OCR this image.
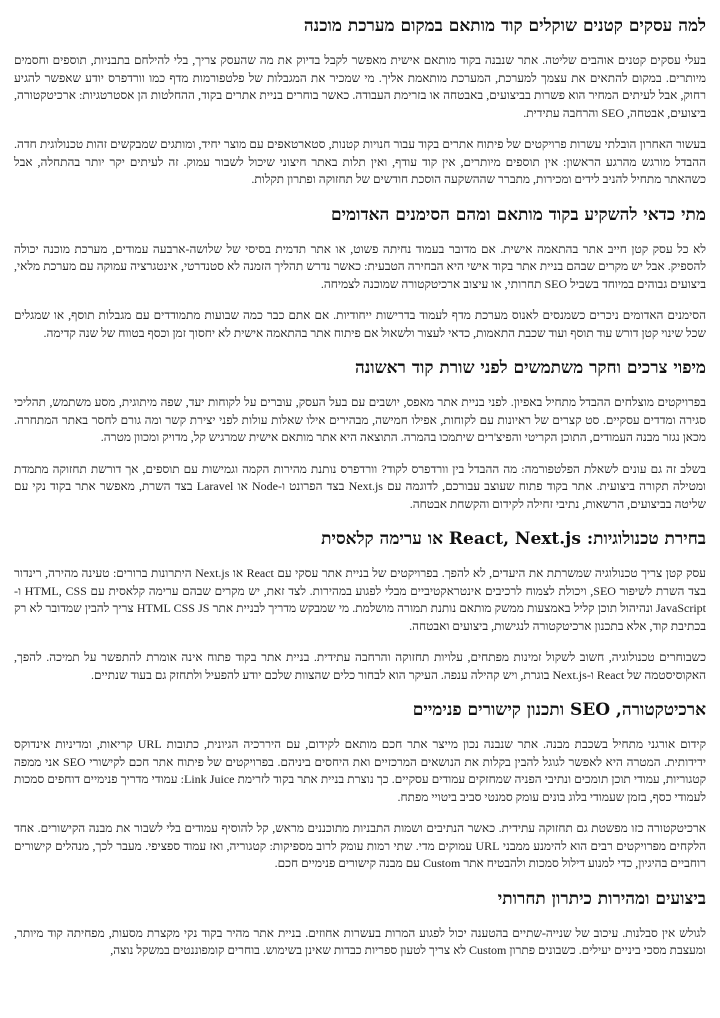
למה עסקים קטנים שוקלים קוד מותאם במקום מערכת מוכנה

בעלי עסקים קטנים אוהבים שליטה. אתר שנבנה בקוד מותאם אישית מאפשר לקבל בדיוק את מה שהעסק צריך, בלי להילחם בתבניות, תוספים וחסמים מיותרים. במקום להתאים את עצמך למערכת, המערכת מותאמת אליך. מי שמכיר את המגבלות של פלטפורמות מדף כמו וורדפרס יודע שאפשר להגיע רחוק, אבל לעיתים המחיר הוא פשרות בביצועים, באבטחה או בזרימת העבודה. כאשר בוחרים בניית אתרים בקוד, ההחלטות הן אסטרטגיות: ארכיטקטורה, ביצועים, אבטחה, SEO והרחבה עתידית.

בעשור האחרון הובלתי עשרות פרויקטים של פיתוח אתרים בקוד עבור חנויות קטנות, סטארטאפים עם מוצר יחיד, ומותגים שמבקשים זהות טכנולוגית חדה. ההבדל מורגש מהרגע הראשון: אין תוספים מיותרים, אין קוד עודף, ואין תלות באתר חיצוני שיכול לשבור עמוק. זה לעיתים יקר יותר בהתחלה, אבל כשהאתר מתחיל להניב לידים ומכירות, מתברר שההשקעה הוסכת חודשים של תחזוקה ופתרון תקלות.

מתי כדאי להשקיע בקוד מותאם ומהם הסימנים האדומים

לא כל עסק קטן חייב אתר בהתאמה אישית. אם מדובר בעמוד נחיתה פשוט, או אתר תדמית בסיסי של שלושה-ארבעה עמודים, מערכת מוכנה יכולה להספיק. אבל יש מקרים שבהם בניית אתר בקוד אישי היא הבחירה הטבעית: כאשר נדרש תהליך הזמנה לא סטנדרטי, אינטגרציה עמוקה עם מערכת מלאי, ביצועים גבוהים במיוחד בשביל SEO תחרותי, או עיצוב ארכיטקטורה שמוכנה לצמיחה.

הסימנים האדומים ניכרים כשמנסים לאנוס מערכת מדף לעמוד בדרישות ייחודיות. אם אתם כבר כמה שבועות מתמודדים עם מגבלות תוסף, או שמגלים שכל שינוי קטן דורש עוד תוסף ועוד שכבת התאמות, כדאי לעצור ולשאול אם פיתוח אתר בהתאמה אישית לא יחסוך זמן וכסף בטווח של שנה קדימה.

מיפוי צרכים וחקר משתמשים לפני שורת קוד ראשונה

בפרויקטים מוצלחים ההבדל מתחיל באפיון. לפני בניית אתר מאפס, יושבים עם בעל העסק, עוברים על לקוחות יעד, שפה מיתוגית, מסע משתמש, תהליכי סגירה ומדדים עסקיים. סט קצרים של ראיונות עם לקוחות, אפילו חמישה, מבהירים אילו שאלות עולות לפני יצירת קשר ומה גורם לחסר באתר המתחרה. מכאן נגזר מבנה העמודים, התוכן הקריטי והפיצ'רים שיתמכו בהמרה. התוצאה היא אתר מותאם אישית שמרגיש קל, מדויק ומכוון מטרה.

בשלב זה גם עונים לשאלת הפלטפורמה: מה ההבדל בין וורדפרס לקוד? וורדפרס נותנת מהירות הקמה וגמישות עם תוספים, אך דורשת תחזוקה מתמדת ומטילה תקורה ביצועית. אתר בקוד פתוח שעוצב עבורכם, לדוגמה עם Next.js בצד הפרונט ו-Node או Laravel בצד השרת, מאפשר אתר בקוד נקי עם שליטה בביצועים, הרשאות, נתיבי זחילה לקידום והקשחת אבטחה.

בחירת טכנולוגיות: React, Next.js או ערימה קלאסית

עסק קטן צריך טכנולוגיה שמשרתת את היעדים, לא להפך. בפרויקטים של בניית אתר עסקי עם React או Next.js היתרונות ברורים: טעינה מהירה, רינדור בצד השרת לשיפור SEO, ויכולת לצמוח לרכיבים אינטראקטיביים מבלי לפגוע במהירות. לצד זאת, יש מקרים שבהם ערימה קלאסית עם HTML, CSS ו-JavaScript ונהיהול תוכן קליל באמצעות ממשק מותאם נותנת תמורה מושלמת. מי שמבקש מדריך לבניית אתר HTML CSS JS צריך להבין שמדובר לא רק בכתיבת קוד, אלא בתכנון ארכיטקטורה לנגישות, ביצועים ואבטחה.

כשבוחרים טכנולוגיה, חשוב לשקול זמינות מפתחים, עלויות תחזוקה והרחבה עתידית. בניית אתר בקוד פתוח אינה אומרת להתפשר על תמיכה. להפך, האקוסיסטמה של React ו-Next.js בוגרת, ויש קהילה ענפה. העיקר הוא לבחור כלים שהצוות שלכם יודע להפעיל ולתחזק גם בעוד שנתיים.

ארכיטקטורה, SEO ותכנון קישורים פנימיים

קידום אורגני מתחיל בשכבת מבנה. אתר שנבנה נכון מייצר אתר חכם מותאם לקידום, עם היררכיה הגיונית, כתובות URL קריאות, ומדיניות אינדוקס ידידותית. המטרה היא לאפשר לגוגל להבין בקלות את הנושאים המרכזיים ואת היחסים ביניהם. בפרויקטים של פיתוח אתר חכם לקישורי SEO אני ממפה קטגוריות, עמודי תוכן תומכים ונתיבי הפניה שמחזקים עמודים עסקיים. כך נוצרת בניית אתר בקוד לזרימת Link Juice: עמודי מדריך פנימיים דוחפים סמכות לעמודי כסף, בזמן שעמודי בלוג בונים עומק סמנטי סביב ביטויי מפתח.

ארכיטקטורה כזו מפשטת גם תחזוקה עתידית. כאשר הנתיבים ושמות התבניות מתוכננים מראש, קל להוסיף עמודים בלי לשבור את מבנה הקישורים. אחד הלקחים מפרויקטים רבים הוא להימנע ממבני URL עמוקים מדי. שתי רמות עומק לרוב מספיקות: קטגוריה, ואז עמוד ספציפי. מעבר לכך, מנהלים קישורים רוחביים בהיגיון, כדי למנוע דילול סמכות ולהבטיח אתר Custom עם מבנה קישורים פנימיים חכם.

ביצועים ומהירות כיתרון תחרותי

לגולש אין סבלנות. עיכוב של שנייה-שתיים בהטענה יכול לפגוע המרות בעשרות אחוזים. בניית אתר מהיר בקוד נקי מקצרת מסעות, מפחיתה קוד מיותר, ומעצבת מסכי ביניים יעילים. כשבונים פתרון Custom לא צריך לטעון ספריות כבדות שאינן בשימוש. בוחרים קומפוננטים במשקל נוצה,
